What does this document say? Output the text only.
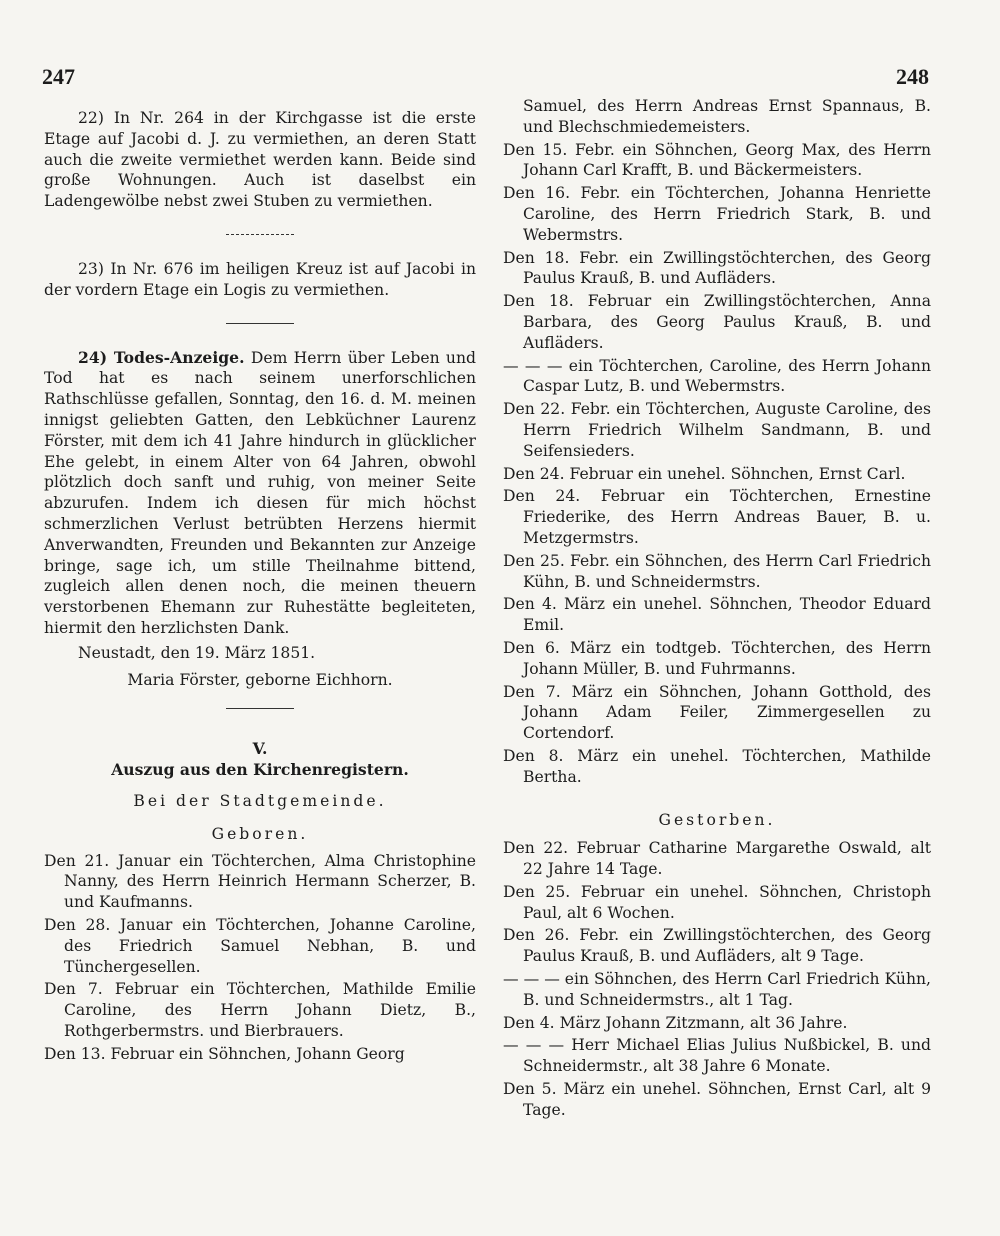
247	248

22) In Nr. 264 in der Kirchgasse ist die erste Etage auf Jacobi d. J. zu vermiethen, an deren Statt auch die zweite vermiethet werden kann. Beide sind große Wohnungen. Auch ist daselbst ein Ladengewölbe nebst zwei Stuben zu vermiethen.

23) In Nr. 676 im heiligen Kreuz ist auf Jacobi in der vordern Etage ein Logis zu vermiethen.

24) Todes-Anzeige. Dem Herrn über Leben und Tod hat es nach seinem unerforschlichen Rathschlüsse gefallen, Sonntag, den 16. d. M. meinen innigst geliebten Gatten, den Lebküchner Laurenz Förster, mit dem ich 41 Jahre hindurch in glücklicher Ehe gelebt, in einem Alter von 64 Jahren, obwohl plötzlich doch sanft und ruhig, von meiner Seite abzurufen. Indem ich diesen für mich höchst schmerzlichen Verlust betrübten Herzens hiermit Anverwandten, Freunden und Bekannten zur Anzeige bringe, sage ich, um stille Theilnahme bittend, zugleich allen denen noch, die meinen theuern verstorbenen Ehemann zur Ruhestätte begleiteten, hiermit den herzlichsten Dank.

Neustadt, den 19. März 1851.

Maria Förster, geborne Eichhorn.

V.

Auszug aus den Kirchenregistern.

Bei der Stadtgemeinde.

Geboren.

Den 21. Januar ein Töchterchen, Alma Christophine Nanny, des Herrn Heinrich Hermann Scherzer, B. und Kaufmanns.

Den 28. Januar ein Töchterchen, Johanne Caroline, des Friedrich Samuel Nebhan, B. und Tünchergesellen.

Den 7. Februar ein Töchterchen, Mathilde Emilie Caroline, des Herrn Johann Dietz, B., Rothgerbermstrs. und Bierbrauers.

Den 13. Februar ein Söhnchen, Johann Georg

Samuel, des Herrn Andreas Ernst Spannaus, B. und Blechschmiedemeisters.

Den 15. Febr. ein Söhnchen, Georg Max, des Herrn Johann Carl Krafft, B. und Bäckermeisters.

Den 16. Febr. ein Töchterchen, Johanna Henriette Caroline, des Herrn Friedrich Stark, B. und Webermstrs.

Den 18. Febr. ein Zwillingstöchterchen, des Georg Paulus Krauß, B. und Aufläders.

Den 18. Februar ein Zwillingstöchterchen, Anna Barbara, des Georg Paulus Krauß, B. und Aufläders.

— — — ein Töchterchen, Caroline, des Herrn Johann Caspar Lutz, B. und Webermstrs.

Den 22. Febr. ein Töchterchen, Auguste Caroline, des Herrn Friedrich Wilhelm Sandmann, B. und Seifensieders.

Den 24. Februar ein unehel. Söhnchen, Ernst Carl.

Den 24. Februar ein Töchterchen, Ernestine Friederike, des Herrn Andreas Bauer, B. u. Metzgermstrs.

Den 25. Febr. ein Söhnchen, des Herrn Carl Friedrich Kühn, B. und Schneidermstrs.

Den 4. März ein unehel. Söhnchen, Theodor Eduard Emil.

Den 6. März ein todtgeb. Töchterchen, des Herrn Johann Müller, B. und Fuhrmanns.

Den 7. März ein Söhnchen, Johann Gotthold, des Johann Adam Feiler, Zimmergesellen zu Cortendorf.

Den 8. März ein unehel. Töchterchen, Mathilde Bertha.

Gestorben.

Den 22. Februar Catharine Margarethe Oswald, alt 22 Jahre 14 Tage.

Den 25. Februar ein unehel. Söhnchen, Christoph Paul, alt 6 Wochen.

Den 26. Febr. ein Zwillingstöchterchen, des Georg Paulus Krauß, B. und Aufläders, alt 9 Tage.

— — — ein Söhnchen, des Herrn Carl Friedrich Kühn, B. und Schneidermstrs., alt 1 Tag.

Den 4. März Johann Zitzmann, alt 36 Jahre.

— — — Herr Michael Elias Julius Nußbickel, B. und Schneidermstr., alt 38 Jahre 6 Monate.

Den 5. März ein unehel. Söhnchen, Ernst Carl, alt 9 Tage.
